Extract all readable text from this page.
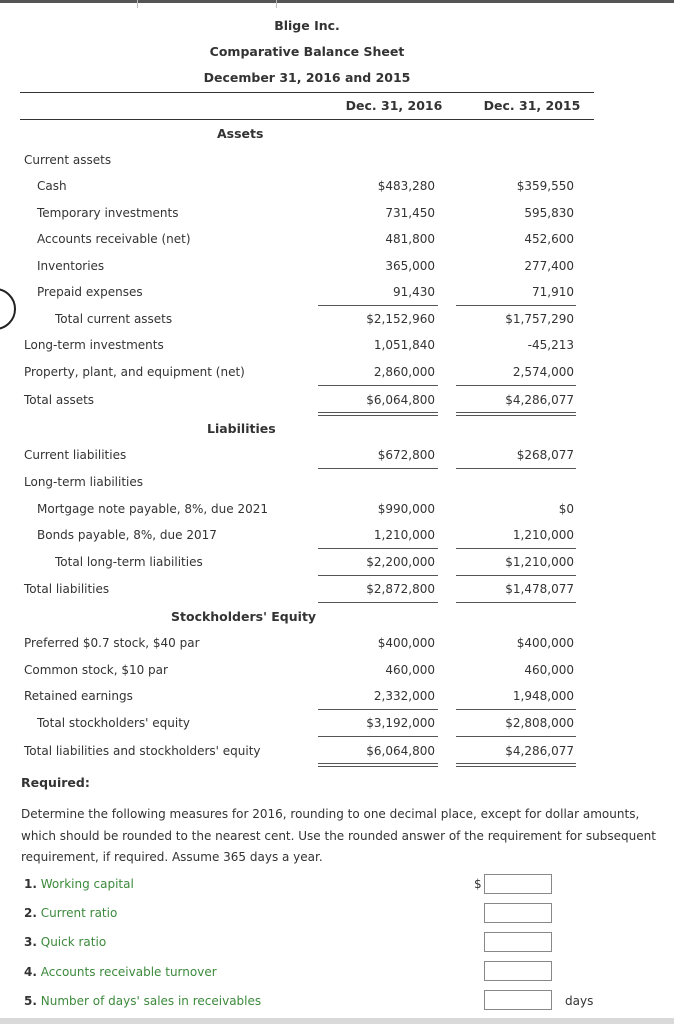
Blige Inc.
Comparative Balance Sheet
December 31, 2016 and 2015
Dec. 31, 2016	Dec. 31, 2015
Assets
Current assets
Cash	$483,280	$359,550
Temporary investments	731,450	595,830
Accounts receivable (net)	481,800	452,600
Inventories	365,000	277,400
Prepaid expenses	91,430	71,910
Total current assets	$2,152,960	$1,757,290
Long-term investments	1,051,840	-45,213
Property, plant, and equipment (net)	2,860,000	2,574,000
Total assets	$6,064,800	$4,286,077
Liabilities
Current liabilities	$672,800	$268,077
Long-term liabilities
Mortgage note payable, 8%, due 2021	$990,000	$0
Bonds payable, 8%, due 2017	1,210,000	1,210,000
Total long-term liabilities	$2,200,000	$1,210,000
Total liabilities	$2,872,800	$1,478,077
Stockholders' Equity
Preferred $0.7 stock, $40 par	$400,000	$400,000
Common stock, $10 par	460,000	460,000
Retained earnings	2,332,000	1,948,000
Total stockholders' equity	$3,192,000	$2,808,000
Total liabilities and stockholders' equity	$6,064,800	$4,286,077
Required:
Determine the following measures for 2016, rounding to one decimal place, except for dollar amounts, which should be rounded to the nearest cent. Use the rounded answer of the requirement for subsequent requirement, if required. Assume 365 days a year.
1. Working capital	$
2. Current ratio
3. Quick ratio
4. Accounts receivable turnover
5. Number of days' sales in receivables	days
